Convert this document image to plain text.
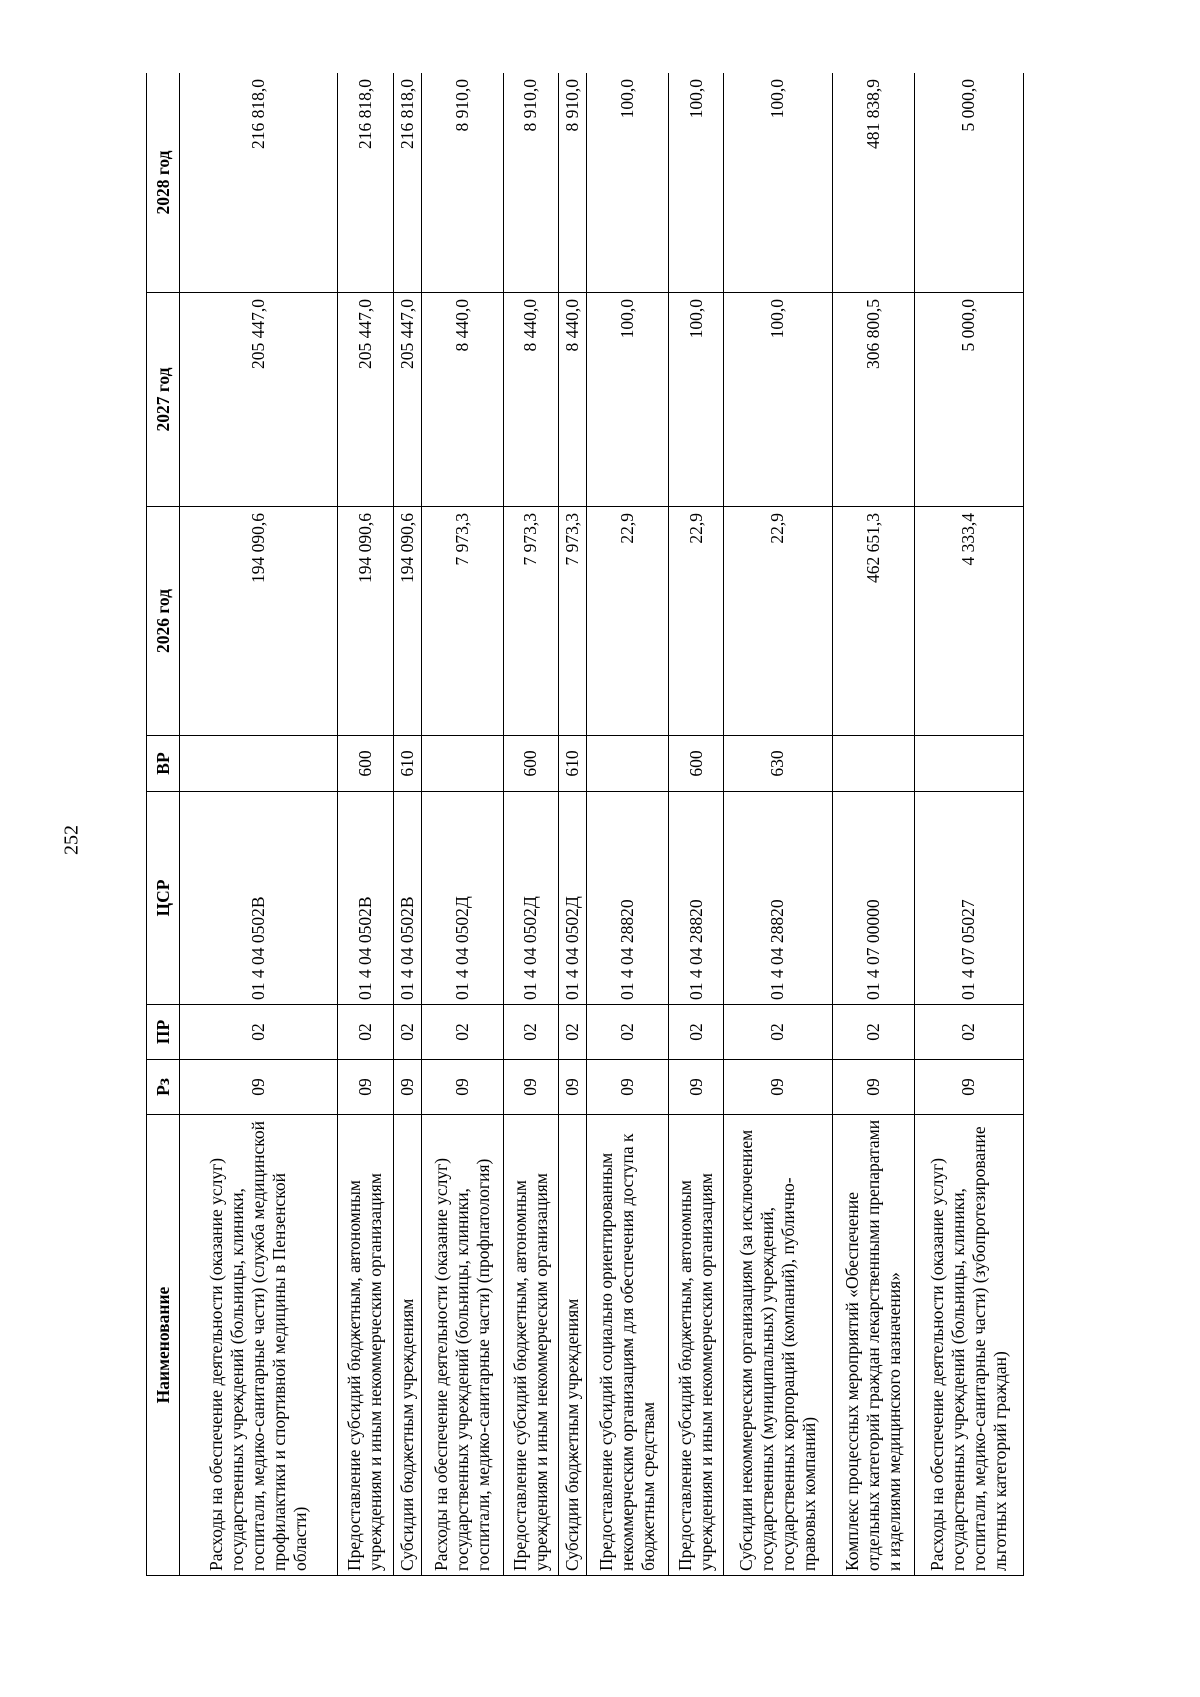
252
Наименование	Рз	ПР	ЦСР	ВР	2026 год	2027 год	2028 год
Расходы на обеспечение деятельности (оказание услуг) государственных учреждений (больницы, клиники, госпитали, медико-санитарные части) (служба медицинской профилактики и спортивной медицины в Пензенской области)	09	02	01 4 04 0502В		194 090,6	205 447,0	216 818,0
Предоставление субсидий бюджетным, автономным учреждениям и иным некоммерческим организациям	09	02	01 4 04 0502В	600	194 090,6	205 447,0	216 818,0
Субсидии бюджетным учреждениям	09	02	01 4 04 0502В	610	194 090,6	205 447,0	216 818,0
Расходы на обеспечение деятельности (оказание услуг) государственных учреждений (больницы, клиники, госпитали, медико-санитарные части) (профпатология)	09	02	01 4 04 0502Д		7 973,3	8 440,0	8 910,0
Предоставление субсидий бюджетным, автономным учреждениям и иным некоммерческим организациям	09	02	01 4 04 0502Д	600	7 973,3	8 440,0	8 910,0
Субсидии бюджетным учреждениям	09	02	01 4 04 0502Д	610	7 973,3	8 440,0	8 910,0
Предоставление субсидий социально ориентированным некоммерческим организациям для обеспечения доступа к бюджетным средствам	09	02	01 4 04 28820		22,9	100,0	100,0
Предоставление субсидий бюджетным, автономным учреждениям и иным некоммерческим организациям	09	02	01 4 04 28820	600	22,9	100,0	100,0
Субсидии некоммерческим организациям (за исключением государственных (муниципальных) учреждений, государственных корпораций (компаний), публично-правовых компаний)	09	02	01 4 04 28820	630	22,9	100,0	100,0
Комплекс процессных мероприятий «Обеспечение отдельных категорий граждан лекарственными препаратами и изделиями медицинского назначения»	09	02	01 4 07 00000		462 651,3	306 800,5	481 838,9
Расходы на обеспечение деятельности (оказание услуг) государственных учреждений (больницы, клиники, госпитали, медико-санитарные части) (зубопротезирование льготных категорий граждан)	09	02	01 4 07 05027		4 333,4	5 000,0	5 000,0
